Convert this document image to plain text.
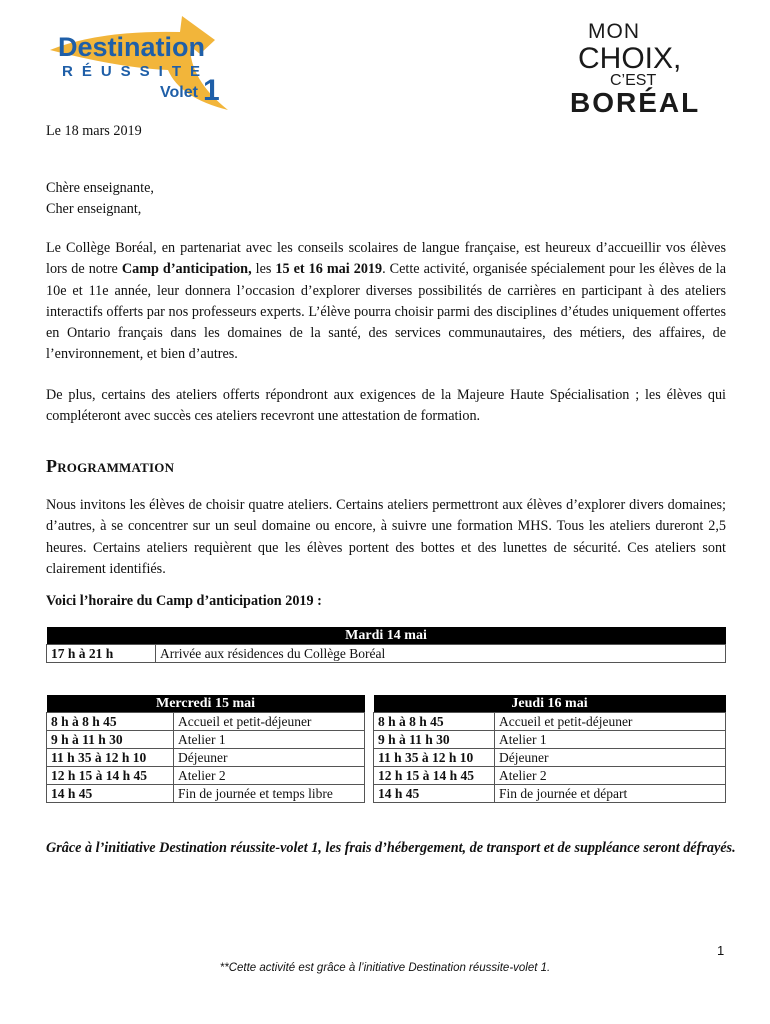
Destination
RÉUSSITE
Volet 1
MON
CHOIX,
C’EST
BORÉAL

Le 18 mars 2019

Chère enseignante,

Cher enseignant,

Le Collège Boréal, en partenariat avec les conseils scolaires de langue française, est heureux d’accueillir vos élèves lors de notre Camp d’anticipation, les 15 et 16 mai 2019. Cette activité, organisée spécialement pour les élèves de la 10e et 11e année, leur donnera l’occasion d’explorer diverses possibilités de carrières en participant à des ateliers interactifs offerts par nos professeurs experts. L’élève pourra choisir parmi des disciplines d’études uniquement offertes en Ontario français dans les domaines de la santé, des services communautaires, des métiers, des affaires, de l’environnement, et bien d’autres.

De plus, certains des ateliers offerts répondront aux exigences de la Majeure Haute Spécialisation ; les élèves qui compléteront avec succès ces ateliers recevront une attestation de formation.

Programmation

Nous invitons les élèves de choisir quatre ateliers. Certains ateliers permettront aux élèves d’explorer divers domaines; d’autres, à se concentrer sur un seul domaine ou encore, à suivre une formation MHS. Tous les ateliers dureront 2,5 heures. Certains ateliers requièrent que les élèves portent des bottes et des lunettes de sécurité. Ces ateliers sont clairement identifiés.

Voici l’horaire du Camp d’anticipation 2019 :
Mardi 14 mai
17 h à 21 h	Arrivée aux résidences du Collège Boréal
Mercredi 15 mai			Jeudi 16 mai	
8 h à 8 h 45	Accueil et petit-déjeuner		8 h à 8 h 45	Accueil et petit-déjeuner
9 h à 11 h 30	Atelier 1		9 h à 11 h 30	Atelier 1
11 h 35 à 12 h 10	Déjeuner		11 h 35 à 12 h 10	Déjeuner
12 h 15 à 14 h 45	Atelier 2		12 h 15 à 14 h 45	Atelier 2
14 h 45	Fin de journée et temps libre		14 h 45	Fin de journée et départ

Grâce à l’initiative Destination réussite-volet 1, les frais d’hébergement, de transport et de suppléance seront défrayés.

1
**Cette activité est grâce à l’initiative Destination réussite-volet 1.
